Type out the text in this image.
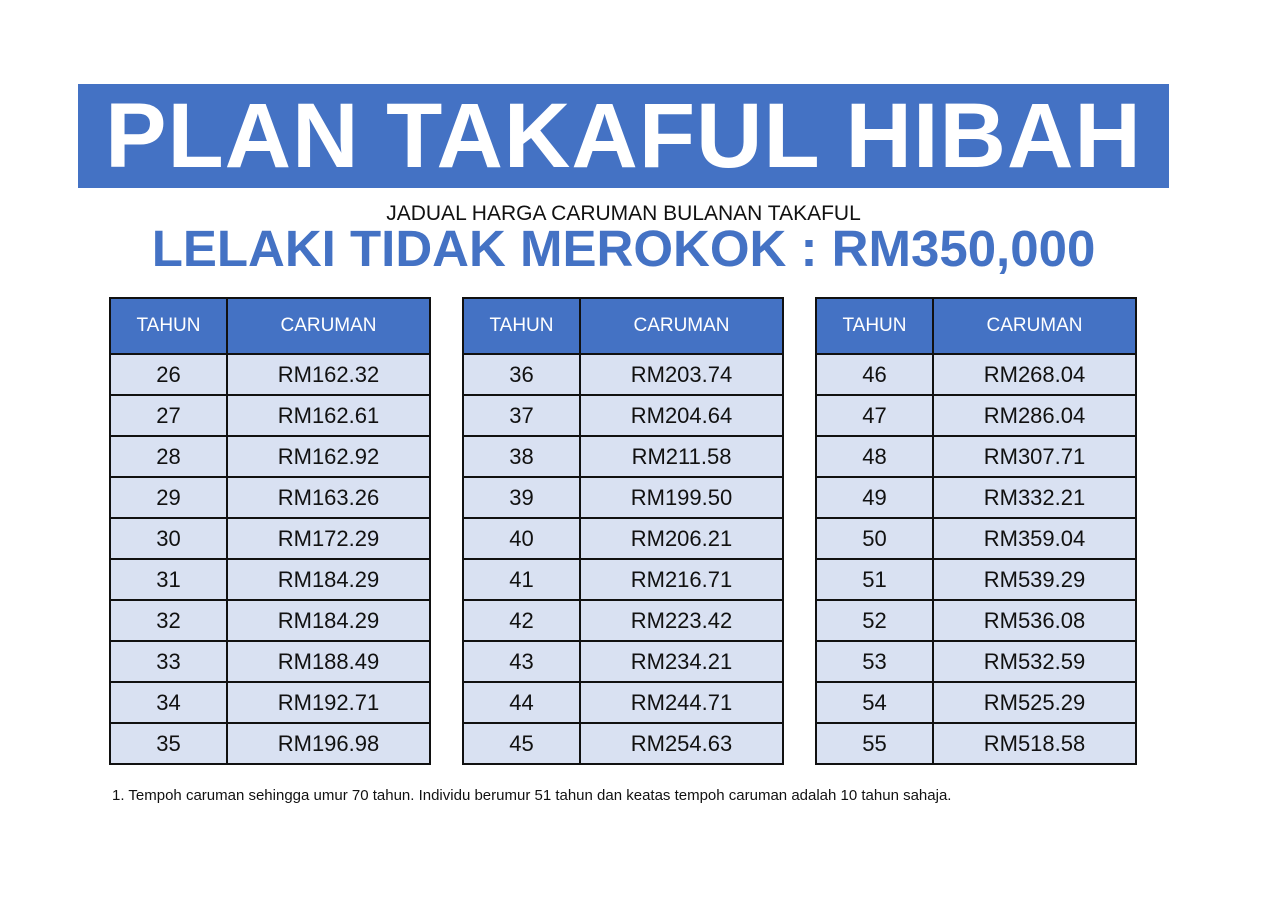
PLAN TAKAFUL HIBAH
JADUAL HARGA CARUMAN BULANAN TAKAFUL
LELAKI TIDAK MEROKOK : RM350,000
TAHUN	CARUMAN
26	RM162.32
27	RM162.61
28	RM162.92
29	RM163.26
30	RM172.29
31	RM184.29
32	RM184.29
33	RM188.49
34	RM192.71
35	RM196.98
TAHUN	CARUMAN
36	RM203.74
37	RM204.64
38	RM211.58
39	RM199.50
40	RM206.21
41	RM216.71
42	RM223.42
43	RM234.21
44	RM244.71
45	RM254.63
TAHUN	CARUMAN
46	RM268.04
47	RM286.04
48	RM307.71
49	RM332.21
50	RM359.04
51	RM539.29
52	RM536.08
53	RM532.59
54	RM525.29
55	RM518.58
1. Tempoh caruman sehingga umur 70 tahun. Individu berumur 51 tahun dan keatas tempoh caruman adalah 10 tahun sahaja.
